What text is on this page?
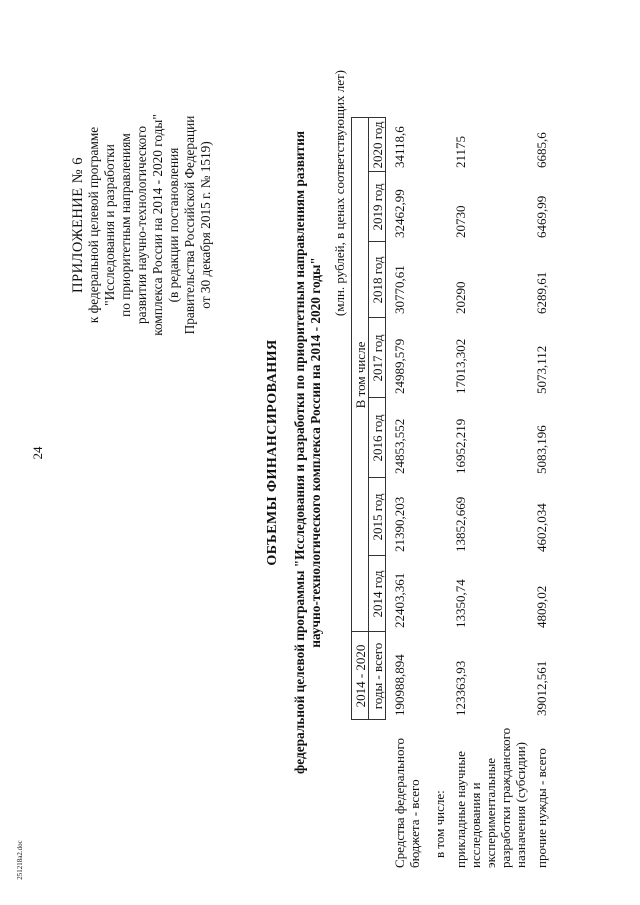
24
251218a2.doc
ПРИЛОЖЕНИЕ № 6 к федеральной целевой программе "Исследования и разработки по приоритетным направлениям развития научно-технологического комплекса России на 2014 - 2020 годы" (в редакции постановления Правительства Российской Федерации от 30 декабря 2015 г. № 1519)
ОБЪЕМЫ ФИНАНСИРОВАНИЯ федеральной целевой программы "Исследования и разработки по приоритетным направлениям развития научно-технологического комплекса России на 2014 - 2020 годы"
(млн. рублей, в ценах соответствующих лет)
	2014 - 2020	В том числе						
	годы - всего	2014 год	2015 год	2016 год	2017 год	2018 год	2019 год	2020 год
Средства федерального бюджета - всего	190988,894	22403,361	21390,203	24853,552	24989,579	30770,61	32462,99	34118,6
в том числе:								
прикладные научные исследования и экспериментальные разработки гражданского назначения (субсидии)	123363,93	13350,74	13852,669	16952,219	17013,302	20290	20730	21175
прочие нужды - всего	39012,561	4809,02	4602,034	5083,196	5073,112	6289,61	6469,99	6685,6
